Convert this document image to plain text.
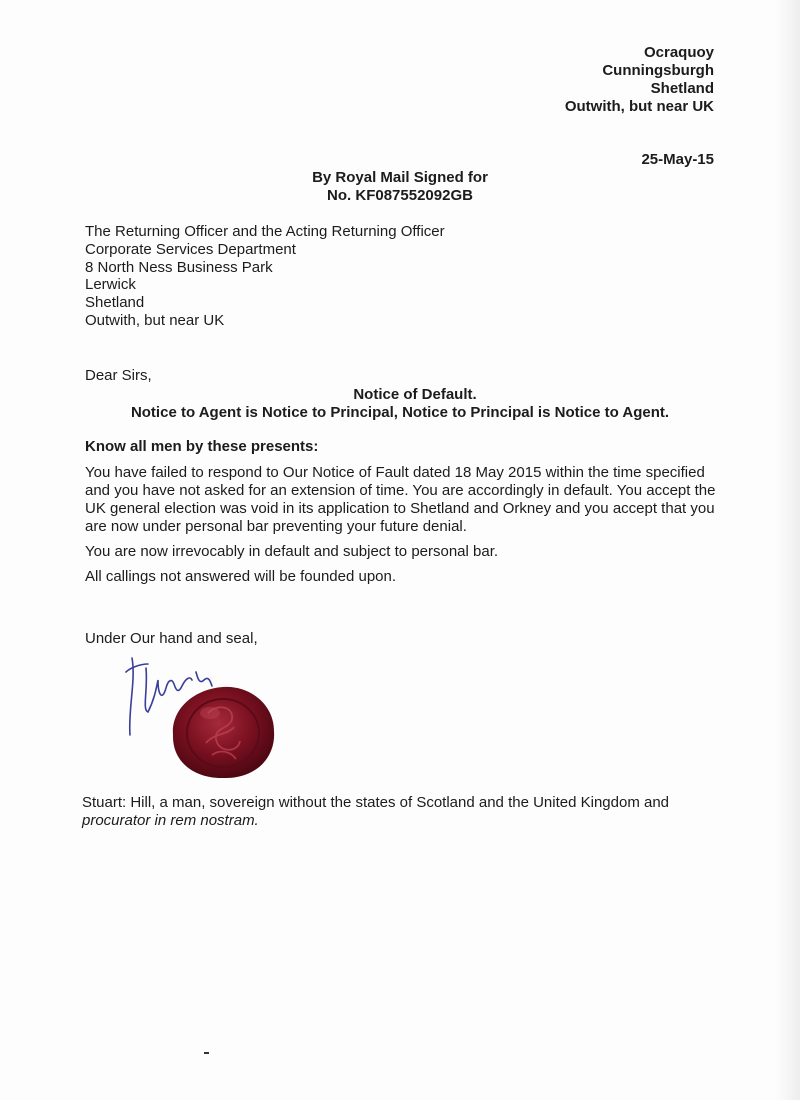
Ocraquoy
Cunningsburgh
Shetland
Outwith, but near UK
25-May-15
By Royal Mail Signed for
No. KF087552092GB
The Returning Officer and the Acting Returning Officer
Corporate Services Department
8 North Ness Business Park
Lerwick
Shetland
Outwith, but near UK
Dear Sirs,
Notice of Default.
Notice to Agent is Notice to Principal, Notice to Principal is Notice to Agent.
Know all men by these presents:

You have failed to respond to Our Notice of Fault dated 18 May 2015 within the time specified and you have not asked for an extension of time. You are accordingly in default. You accept the UK general election was void in its application to Shetland and Orkney and you accept that you are now under personal bar preventing your future denial.

You are now irrevocably in default and subject to personal bar.

All callings not answered will be founded upon.

Under Our hand and seal,
Stuart: Hill, a man, sovereign without the states of Scotland and the United Kingdom and
procurator in rem nostram.
